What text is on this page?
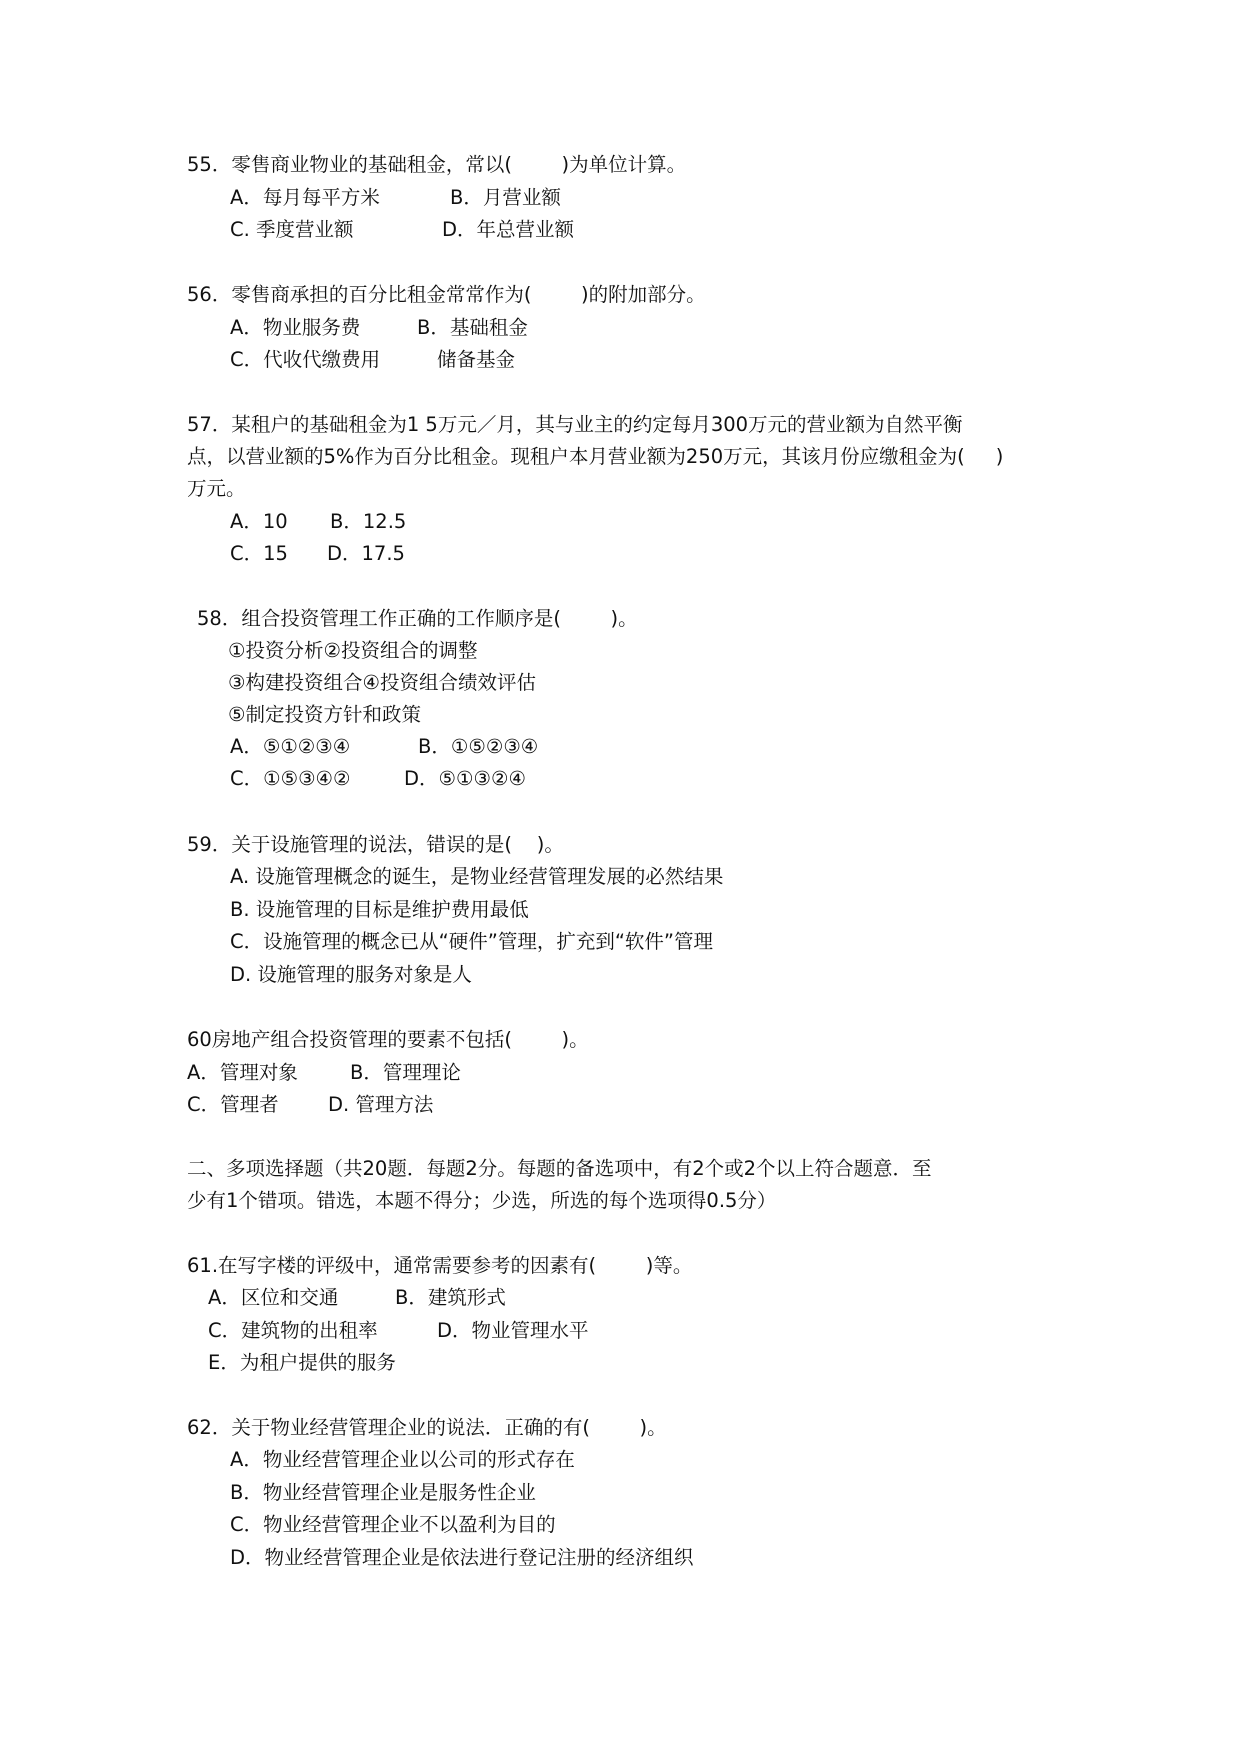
55．零售商业物业的基础租金，常以(        )为单位计算。
A．每月每平方米	B．月营业额
C. 季度营业额	D．年总营业额
56．零售商承担的百分比租金常常作为(        )的附加部分。
A．物业服务费	B．基础租金
C．代收代缴费用	储备基金
57．某租户的基础租金为1 5万元／月，其与业主的约定每月300万元的营业额为自然平衡
点，以营业额的5%作为百分比租金。现租户本月营业额为250万元，其该月份应缴租金为(     )
万元。
A．10 B．12.5
C．15 D．17.5
58．组合投资管理工作正确的工作顺序是(        )。
①投资分析②投资组合的调整
③构建投资组合④投资组合绩效评估
⑤制定投资方针和政策
A．⑤①②③④	B．①⑤②③④
C．①⑤③④②	D．⑤①③②④
59．关于设施管理的说法，错误的是(    )。
A. 设施管理概念的诞生，是物业经营管理发展的必然结果
B. 设施管理的目标是维护费用最低
C．设施管理的概念已从“硬件”管理，扩充到“软件”管理
D. 设施管理的服务对象是人
60房地产组合投资管理的要素不包括(        )。
A．管理对象	B．管理理论
C．管理者	D. 管理方法
二、多项选择题（共20题．每题2分。每题的备选项中，有2个或2个以上符合题意．至
少有1个错项。错选，本题不得分；少选，所选的每个选项得0.5分）
61.在写字楼的评级中，通常需要参考的因素有(        )等。
A．区位和交通	B．建筑形式
C．建筑物的出租率	D．物业管理水平
E．为租户提供的服务
62．关于物业经营管理企业的说法．正确的有(        )。
A．物业经营管理企业以公司的形式存在
B．物业经营管理企业是服务性企业
C．物业经营管理企业不以盈利为目的
D．物业经营管理企业是依法进行登记注册的经济组织
